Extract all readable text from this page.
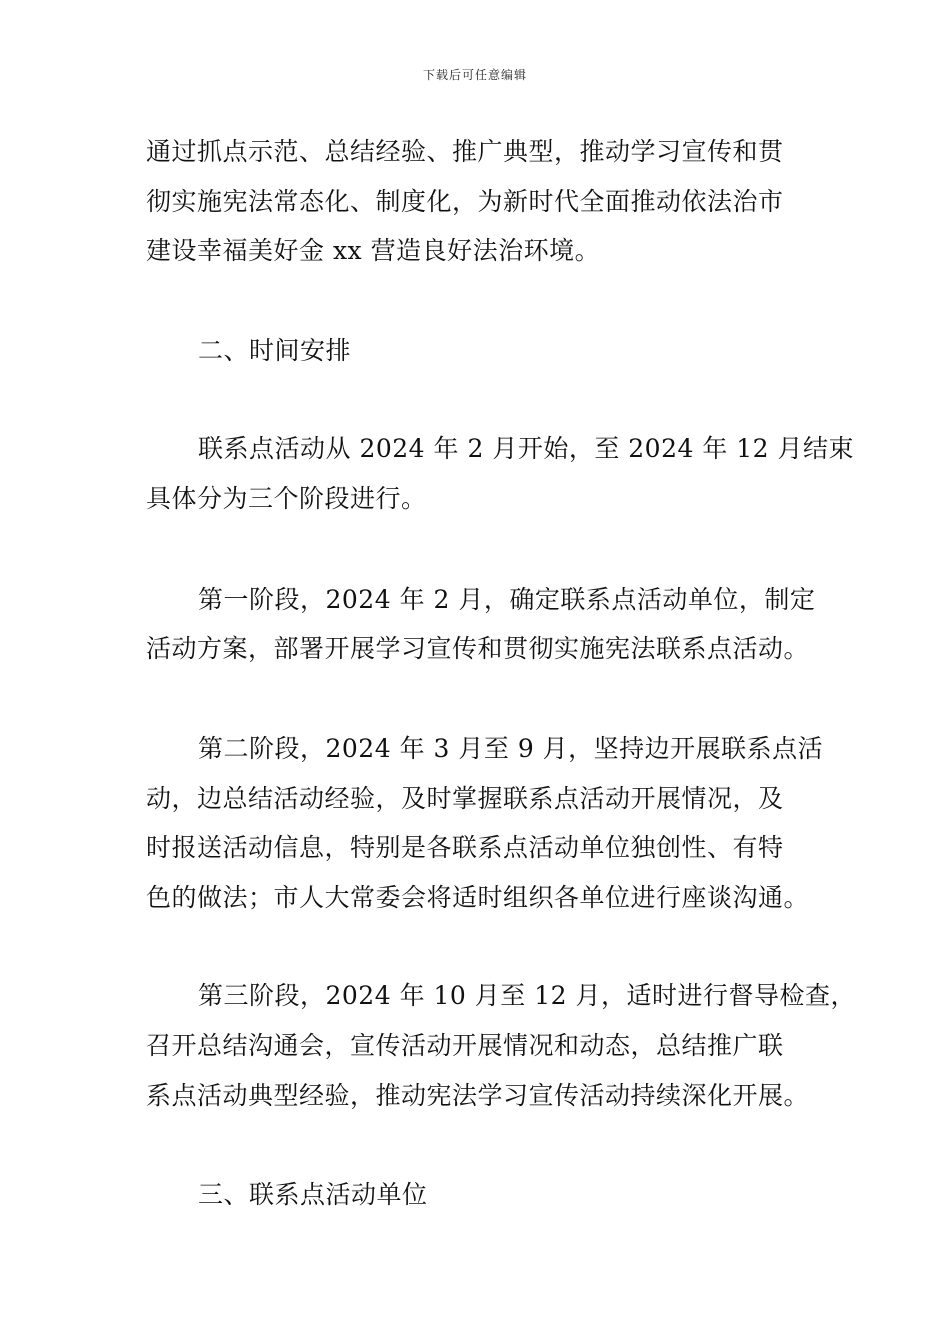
下载后可任意编辑
通过抓点示范、总结经验、推广典型，推动学习宣传和贯
彻实施宪法常态化、制度化，为新时代全面推动依法治市
建设幸福美好金 xx 营造良好法治环境。
二、时间安排
联系点活动从 2024 年 2 月开始，至 2024 年 12 月结束
具体分为三个阶段进行。
第一阶段，2024 年 2 月，确定联系点活动单位，制定
活动方案，部署开展学习宣传和贯彻实施宪法联系点活动。
第二阶段，2024 年 3 月至 9 月，坚持边开展联系点活
动，边总结活动经验，及时掌握联系点活动开展情况，及
时报送活动信息，特别是各联系点活动单位独创性、有特
色的做法；市人大常委会将适时组织各单位进行座谈沟通。
第三阶段，2024 年 10 月至 12 月，适时进行督导检查，
召开总结沟通会，宣传活动开展情况和动态，总结推广联
系点活动典型经验，推动宪法学习宣传活动持续深化开展。
三、联系点活动单位
